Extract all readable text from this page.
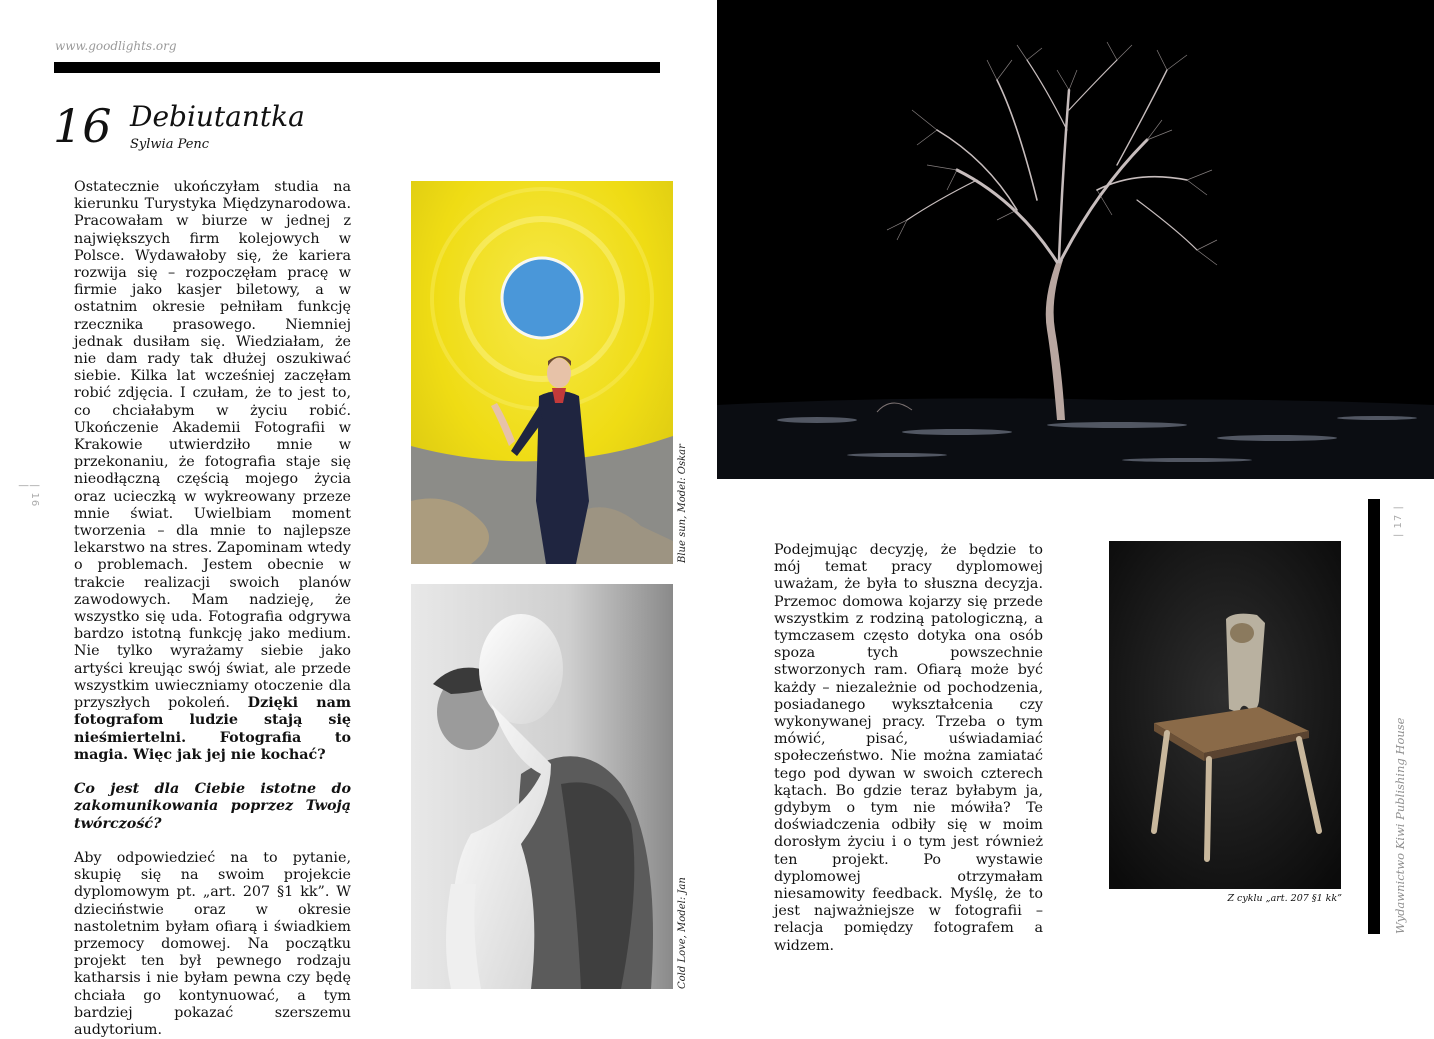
www.goodlights.org
16 Debiutantka
Sylwia Penc

Ostatecznie ukończyłam studia na kierunku Turystyka Międzynarodowa. Pracowałam w biurze w jednej z największych firm kolejowych w Polsce. Wydawałoby się, że kariera rozwija się – rozpoczęłam pracę w firmie jako kasjer biletowy, a w ostatnim okresie pełniłam funkcję rzecznika prasowego. Niemniej jednak dusiłam się. Wiedziałam, że nie dam rady tak dłużej oszukiwać siebie. Kilka lat wcześniej zaczęłam robić zdjęcia. I czułam, że to jest to, co chciałabym w życiu robić. Ukończenie Akademii Fotografii w Krakowie utwierdziło mnie w przekonaniu, że fotografia staje się nieodłączną częścią mojego życia oraz ucieczką w wykreowany przeze mnie świat. Uwielbiam moment tworzenia – dla mnie to najlepsze lekarstwo na stres. Zapominam wtedy o problemach. Jestem obecnie w trakcie realizacji swoich planów zawodowych. Mam nadzieję, że wszystko się uda. Fotografia odgrywa bardzo istotną funkcję jako medium. Nie tylko wyrażamy siebie jako artyści kreując swój świat, ale przede wszystkim uwieczniamy otoczenie dla przyszłych pokoleń. Dzięki nam fotografom ludzie stają się nieśmiertelni. Fotografia to magia. Więc jak jej nie kochać?

Co jest dla Ciebie istotne do zakomunikowania poprzez Twoją twórczość?

Aby odpowiedzieć na to pytanie, skupię się na swoim projekcie dyplomowym pt. „art. 207 §1 kk”. W dzieciństwie oraz w okresie nastoletnim byłam ofiarą i świadkiem przemocy domowej. Na początku projekt ten był pewnego rodzaju katharsis i nie byłam pewna czy będę chciała go kontynuować, a tym bardziej pokazać szerszemu audytorium.

| 16 |	Blue sun, Model: Oskar
Cold Love, Model: Jan

Podejmując decyzję, że będzie to mój temat pracy dyplomowej uważam, że była to słuszna decyzja. Przemoc domowa kojarzy się przede wszystkim z rodziną patologiczną, a tymczasem często dotyka ona osób spoza tych powszechnie stworzonych ram. Ofiarą może być każdy – niezależnie od pochodzenia, posiadanego wykształcenia czy wykonywanej pracy. Trzeba o tym mówić, pisać, uświadamiać społeczeństwo. Nie można zamiatać tego pod dywan w swoich czterech kątach. Bo gdzie teraz byłabym ja, gdybym o tym nie mówiła? Te doświadczenia odbiły się w moim dorosłym życiu i o tym jest również ten projekt. Po wystawie dyplomowej otrzymałam niesamowity feedback. Myślę, że to jest najważniejsze w fotografii – relacja pomiędzy fotografem a widzem.

Z cyklu „art. 207 §1 kk”
| 17 |
Wydawnictwo Kiwi Publishing House
